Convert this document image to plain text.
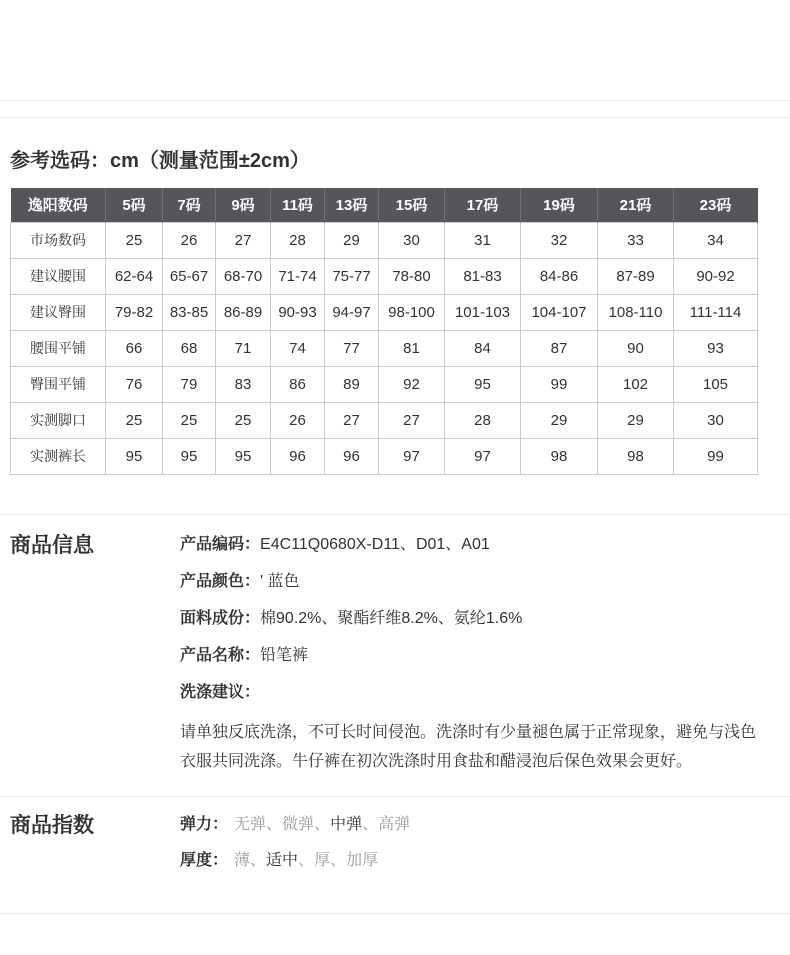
参考选码：cm（测量范围±2cm）
逸阳数码	5码	7码	9码	11码	13码	15码	17码	19码	21码	23码
市场数码	25	26	27	28	29	30	31	32	33	34
建议腰围	62-64	65-67	68-70	71-74	75-77	78-80	81-83	84-86	87-89	90-92
建议臀围	79-82	83-85	86-89	90-93	94-97	98-100	101-103	104-107	108-110	111-114
腰围平铺	66	68	71	74	77	81	84	87	90	93
臀围平铺	76	79	83	86	89	92	95	99	102	105
实测脚口	25	25	25	26	27	27	28	29	29	30
实测裤长	95	95	95	96	96	97	97	98	98	99
商品信息	产品编码：E4C11Q0680X-D11、D01、A01
产品颜色：' 蓝色
面料成份：棉90.2%、聚酯纤维8.2%、氨纶1.6%
产品名称：铅笔裤
洗涤建议：

请单独反底洗涤，不可长时间侵泡。洗涤时有少量褪色属于正常现象，避免与浅色衣服共同洗涤。牛仔裤在初次洗涤时用食盐和醋浸泡后保色效果会更好。

商品指数	弹力： 无弹、微弹、中弹、高弹
厚度： 薄、适中、厚、加厚
